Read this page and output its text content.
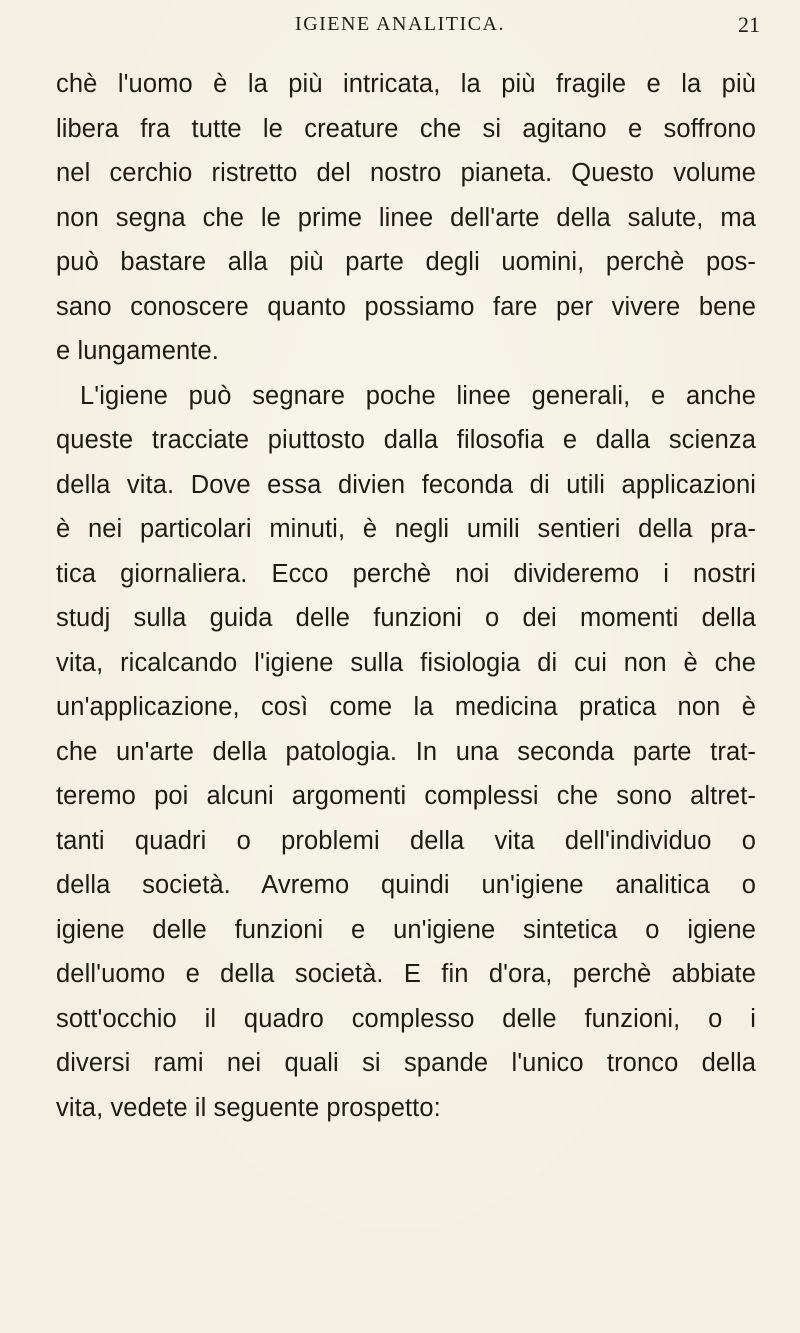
IGIENE ANALITICA.	21
chè l'uomo è la più intricata, la più fragile e la più
libera fra tutte le creature che si agitano e soffrono
nel cerchio ristretto del nostro pianeta. Questo volume
non segna che le prime linee dell'arte della salute, ma
può bastare alla più parte degli uomini, perchè pos-
sano conoscere quanto possiamo fare per vivere bene
e lungamente.
L'igiene può segnare poche linee generali, e anche
queste tracciate piuttosto dalla filosofia e dalla scienza
della vita. Dove essa divien feconda di utili applicazioni
è nei particolari minuti, è negli umili sentieri della pra-
tica giornaliera. Ecco perchè noi divideremo i nostri
studj sulla guida delle funzioni o dei momenti della
vita, ricalcando l'igiene sulla fisiologia di cui non è che
un'applicazione, così come la medicina pratica non è
che un'arte della patologia. In una seconda parte trat-
teremo poi alcuni argomenti complessi che sono altret-
tanti quadri o problemi della vita dell'individuo o
della società. Avremo quindi un'igiene analitica o
igiene delle funzioni e un'igiene sintetica o igiene
dell'uomo e della società. E fin d'ora, perchè abbiate
sott'occhio il quadro complesso delle funzioni, o i
diversi rami nei quali si spande l'unico tronco della
vita, vedete il seguente prospetto:
